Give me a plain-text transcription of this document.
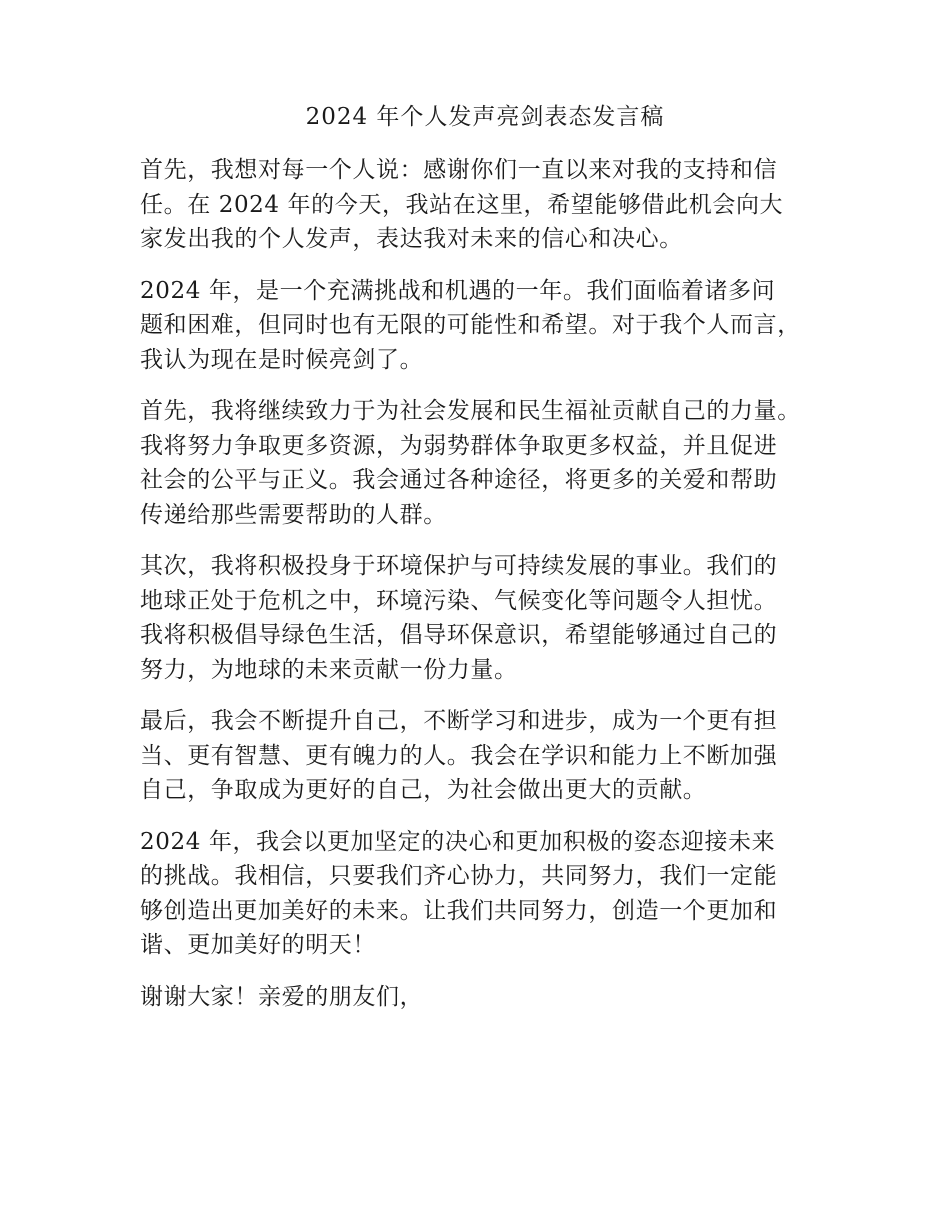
2024 年个人发声亮剑表态发言稿

首先，我想对每一个人说：感谢你们一直以来对我的支持和信
任。在 2024 年的今天，我站在这里，希望能够借此机会向大
家发出我的个人发声，表达我对未来的信心和决心。

2024 年，是一个充满挑战和机遇的一年。我们面临着诸多问
题和困难，但同时也有无限的可能性和希望。对于我个人而言，
我认为现在是时候亮剑了。

首先，我将继续致力于为社会发展和民生福祉贡献自己的力量。
我将努力争取更多资源，为弱势群体争取更多权益，并且促进
社会的公平与正义。我会通过各种途径，将更多的关爱和帮助
传递给那些需要帮助的人群。

其次，我将积极投身于环境保护与可持续发展的事业。我们的
地球正处于危机之中，环境污染、气候变化等问题令人担忧。
我将积极倡导绿色生活，倡导环保意识，希望能够通过自己的
努力，为地球的未来贡献一份力量。

最后，我会不断提升自己，不断学习和进步，成为一个更有担
当、更有智慧、更有魄力的人。我会在学识和能力上不断加强
自己，争取成为更好的自己，为社会做出更大的贡献。

2024 年，我会以更加坚定的决心和更加积极的姿态迎接未来
的挑战。我相信，只要我们齐心协力，共同努力，我们一定能
够创造出更加美好的未来。让我们共同努力，创造一个更加和
谐、更加美好的明天！

谢谢大家！亲爱的朋友们，
